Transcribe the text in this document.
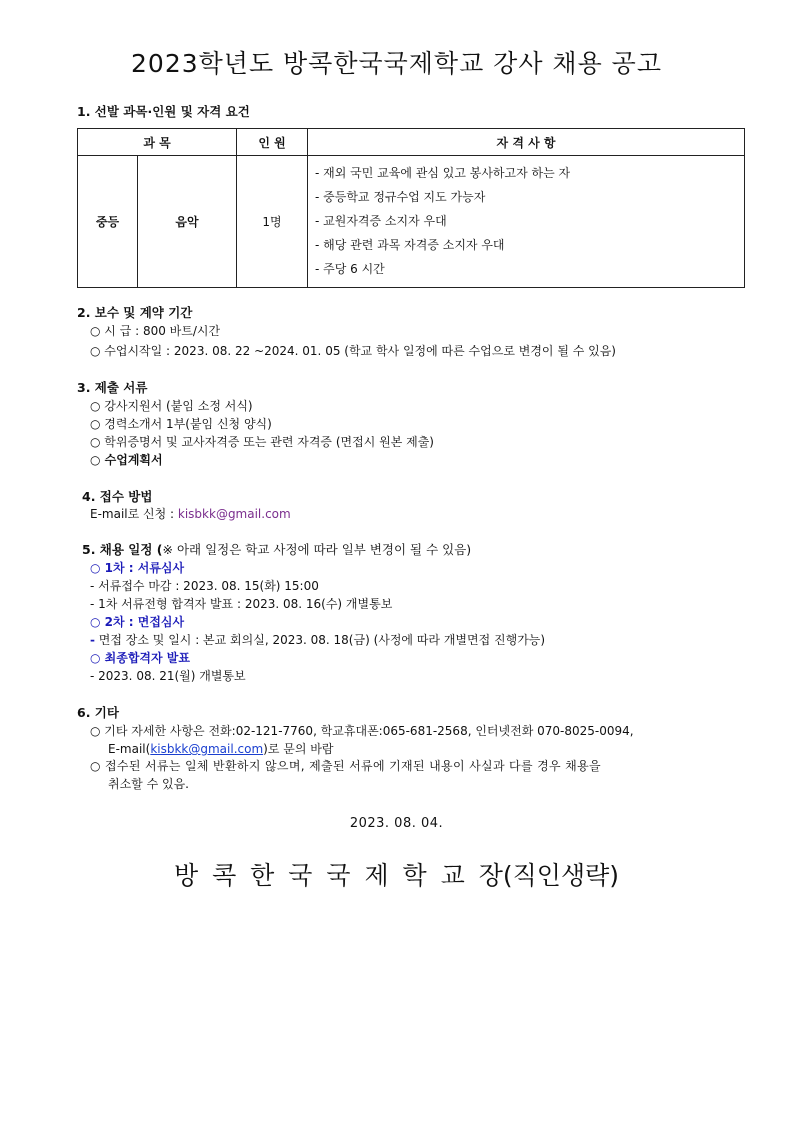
2023학년도 방콕한국국제학교 강사 채용 공고
1. 선발 과목·인원 및 자격 요건
과 목		인 원	자 격 사 항
중등	음악	1명	- 재외 국민 교육에 관심 있고 봉사하고자 하는 자
- 중등학교 정규수업 지도 가능자
- 교원자격증 소지자 우대
- 해당 관련 과목 자격증 소지자 우대
- 주당 6 시간
2. 보수 및 계약 기간
○ 시 급 : 800 바트/시간
○ 수업시작일 : 2023. 08. 22 ~2024. 01. 05 (학교 학사 일정에 따른 수업으로 변경이 될 수 있음)
3. 제출 서류
○ 강사지원서 (붙임 소정 서식)
○ 경력소개서 1부(붙임 신청 양식)
○ 학위증명서 및 교사자격증 또는 관련 자격증 (면접시 원본 제출)
○ 수업계획서
4. 접수 방법
E-mail로 신청 : kisbkk@gmail.com
5. 채용 일정 (※ 아래 일정은 학교 사정에 따라 일부 변경이 될 수 있음)
○ 1차 : 서류심사
- 서류접수 마감 : 2023. 08. 15(화) 15:00
- 1차 서류전형 합격자 발표 : 2023. 08. 16(수) 개별통보
○ 2차 : 면접심사
- 면접 장소 및 일시 : 본교 회의실, 2023. 08. 18(금) (사정에 따라 개별면접 진행가능)
○ 최종합격자 발표
- 2023. 08. 21(월) 개별통보
6. 기타
○ 기타 자세한 사항은 전화:02-121-7760, 학교휴대폰:065-681-2568, 인터넷전화 070-8025-0094,
E-mail(kisbkk@gmail.com)로 문의 바람
○ 접수된 서류는 일체 반환하지 않으며, 제출된 서류에 기재된 내용이 사실과 다를 경우 채용을
취소할 수 있음.
2023. 08. 04.
방 콕 한 국 국 제 학 교 장(직인생략)
